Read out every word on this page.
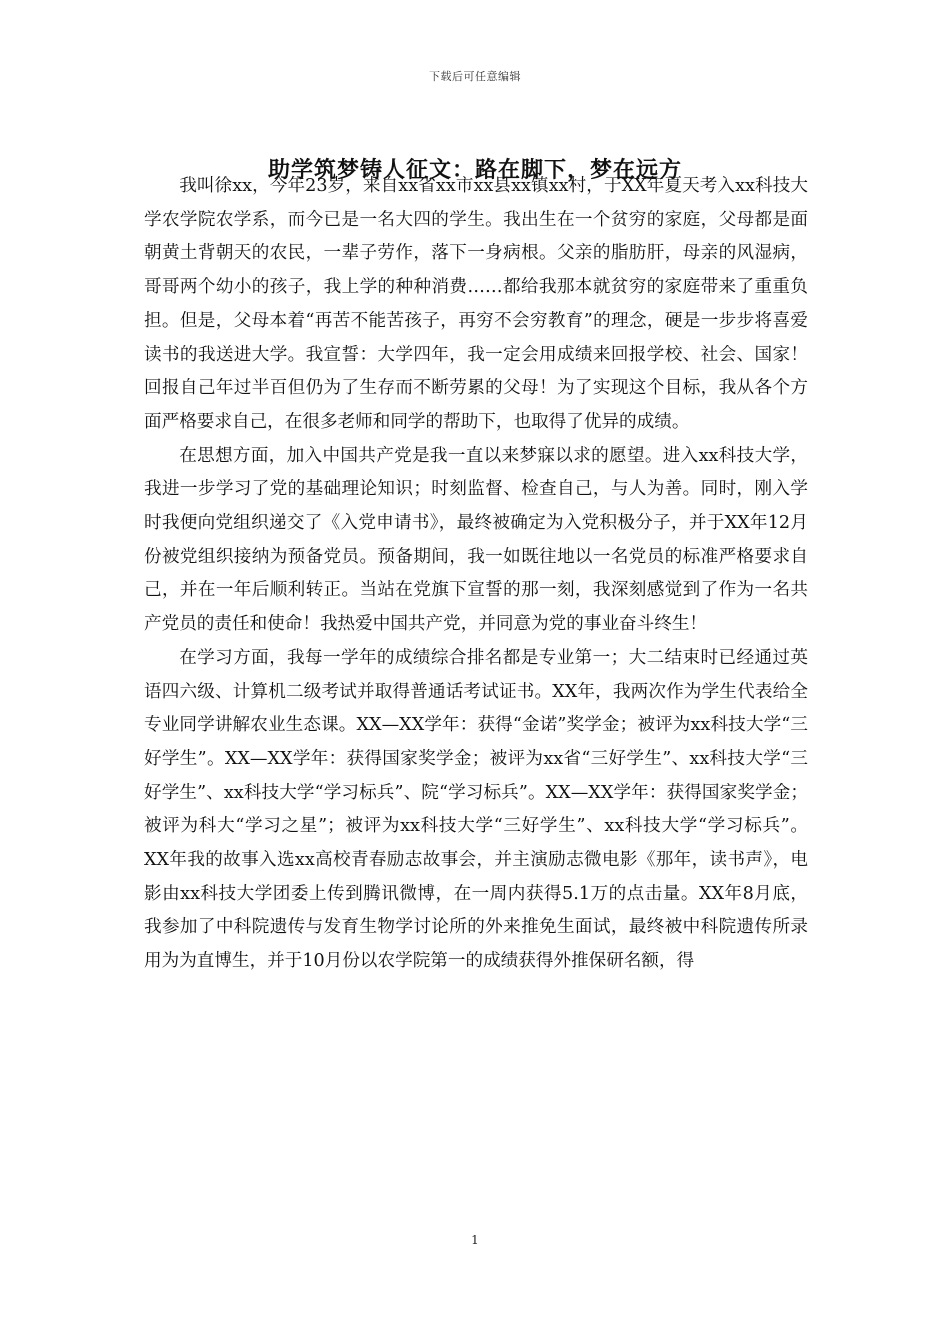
下载后可任意编辑
助学筑梦铸人征文：路在脚下，梦在远方

我叫徐xx，今年23岁，来自xx省xx市xx县xx镇xx村，于XX年夏天考入xx科技大学农学院农学系，而今已是一名大四的学生。我出生在一个贫穷的家庭，父母都是面朝黄土背朝天的农民，一辈子劳作，落下一身病根。父亲的脂肪肝，母亲的风湿病，哥哥两个幼小的孩子，我上学的种种消费……都给我那本就贫穷的家庭带来了重重负担。但是，父母本着“再苦不能苦孩子，再穷不会穷教育”的理念，硬是一步步将喜爱读书的我送进大学。我宣誓：大学四年，我一定会用成绩来回报学校、社会、国家！回报自己年过半百但仍为了生存而不断劳累的父母！为了实现这个目标，我从各个方面严格要求自己，在很多老师和同学的帮助下，也取得了优异的成绩。

在思想方面，加入中国共产党是我一直以来梦寐以求的愿望。进入xx科技大学，我进一步学习了党的基础理论知识；时刻监督、检查自己，与人为善。同时，刚入学时我便向党组织递交了《入党申请书》，最终被确定为入党积极分子，并于XX年12月份被党组织接纳为预备党员。预备期间，我一如既往地以一名党员的标准严格要求自己，并在一年后顺利转正。当站在党旗下宣誓的那一刻，我深刻感觉到了作为一名共产党员的责任和使命！我热爱中国共产党，并同意为党的事业奋斗终生！

在学习方面，我每一学年的成绩综合排名都是专业第一；大二结束时已经通过英语四六级、计算机二级考试并取得普通话考试证书。XX年，我两次作为学生代表给全专业同学讲解农业生态课。XX—XX学年：获得“金诺”奖学金；被评为xx科技大学“三好学生”。XX—XX学年：获得国家奖学金；被评为xx省“三好学生”、xx科技大学“三好学生”、xx科技大学“学习标兵”、院“学习标兵”。XX—XX学年：获得国家奖学金；被评为科大“学习之星”；被评为xx科技大学“三好学生”、xx科技大学“学习标兵”。XX年我的故事入选xx高校青春励志故事会，并主演励志微电影《那年，读书声》，电影由xx科技大学团委上传到腾讯微博，在一周内获得5.1万的点击量。XX年8月底，我参加了中科院遗传与发育生物学讨论所的外来推免生面试，最终被中科院遗传所录用为为直博生，并于10月份以农学院第一的成绩获得外推保研名额，得

1
